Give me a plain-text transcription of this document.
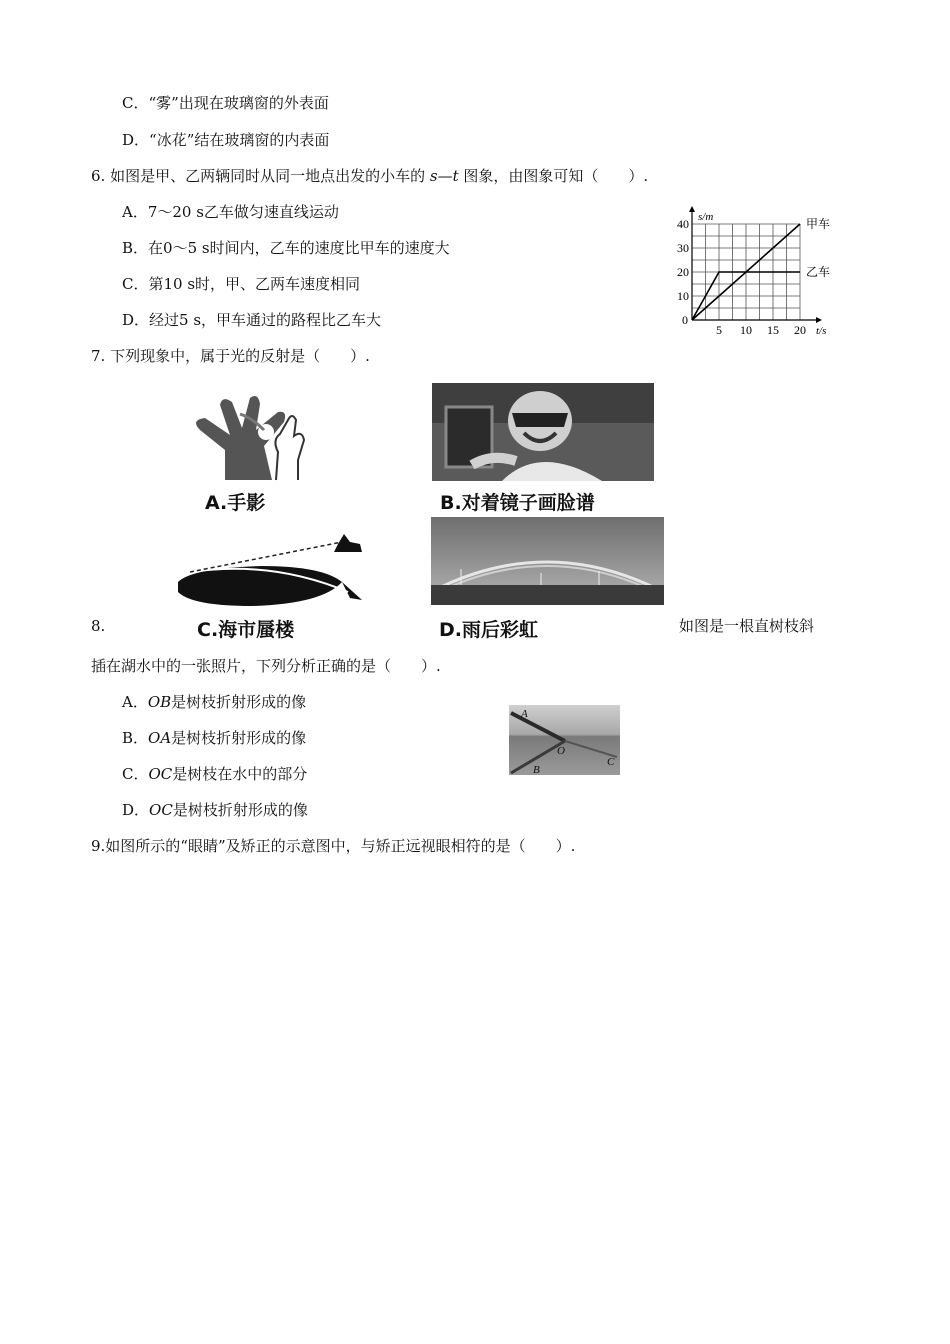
C．“雾”出现在玻璃窗的外表面
D．“冰花”结在玻璃窗的内表面
6. 如图是甲、乙两辆同时从同一地点出发的小车的 s—t 图象，由图象可知（　　）.
A．7～20 s乙车做匀速直线运动
B．在0～5 s时间内，乙车的速度比甲车的速度大
C．第10 s时，甲、乙两车速度相同
D．经过5 s，甲车通过的路程比乙车大
甲车
乙车
5 10 15 20
10
20
30
40
0
s/m
t/s
7. 下列现象中，属于光的反射是（　　）.
A.手影	B.对着镜子画脸谱
C.海市蜃楼	D.雨后彩虹
8.	如图是一根直树枝斜
插在湖水中的一张照片，下列分析正确的是（　　）.
A．OB是树枝折射形成的像
B．OA是树枝折射形成的像
C．OC是树枝在水中的部分
D．OC是树枝折射形成的像
A
O
B
C
9.如图所示的“眼睛”及矫正的示意图中，与矫正远视眼相符的是（　　）.
